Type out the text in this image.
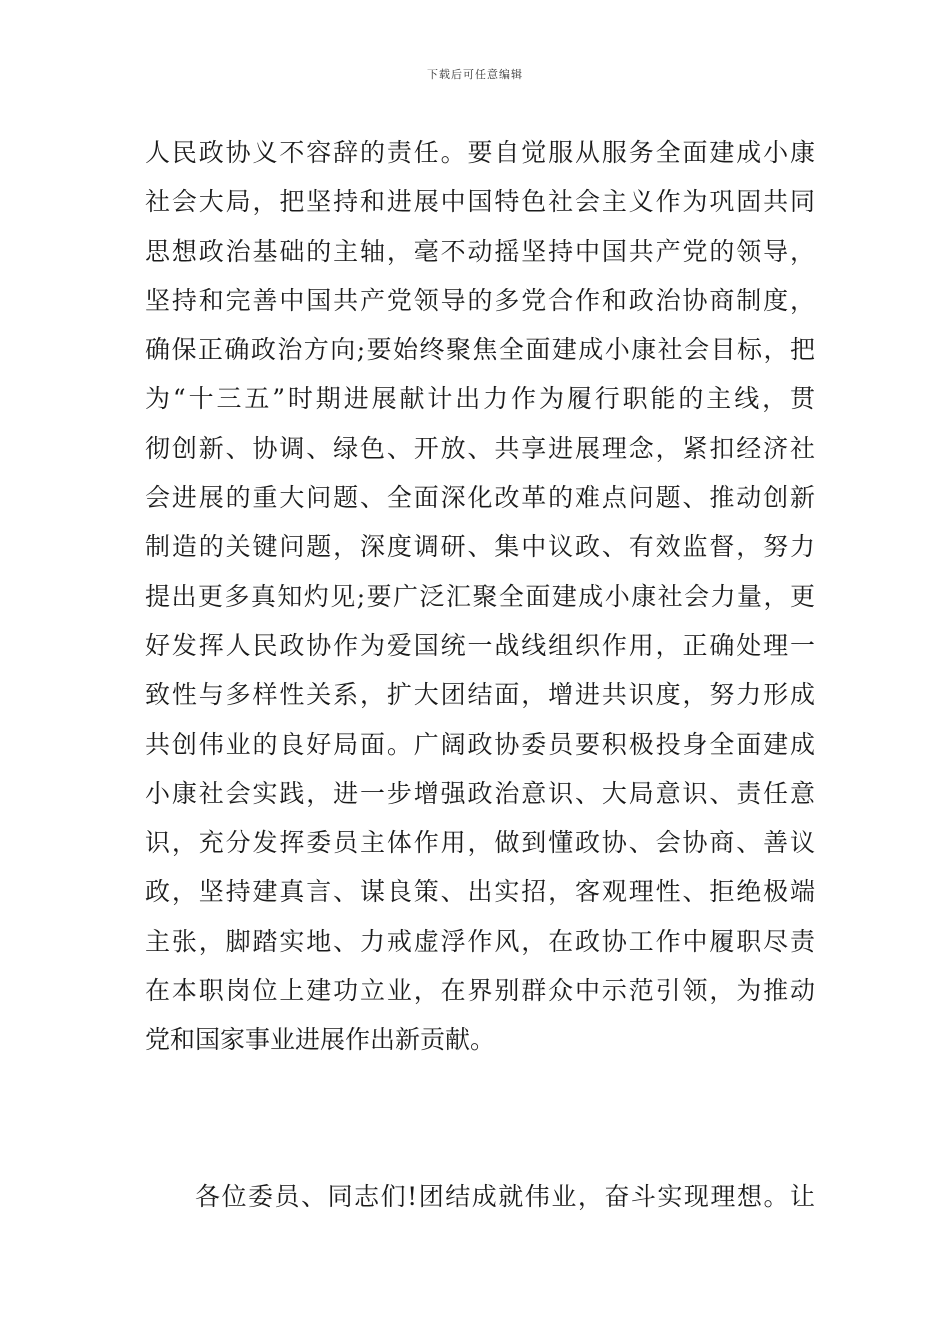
下载后可任意编辑
人民政协义不容辞的责任。要自觉服从服务全面建成小康
社会大局，把坚持和进展中国特色社会主义作为巩固共同
思想政治基础的主轴，毫不动摇坚持中国共产党的领导，
坚持和完善中国共产党领导的多党合作和政治协商制度，
确保正确政治方向;要始终聚焦全面建成小康社会目标，把
为“十三五”时期进展献计出力作为履行职能的主线，贯
彻创新、协调、绿色、开放、共享进展理念，紧扣经济社
会进展的重大问题、全面深化改革的难点问题、推动创新
制造的关键问题，深度调研、集中议政、有效监督，努力
提出更多真知灼见;要广泛汇聚全面建成小康社会力量，更
好发挥人民政协作为爱国统一战线组织作用，正确处理一
致性与多样性关系，扩大团结面，增进共识度，努力形成
共创伟业的良好局面。广阔政协委员要积极投身全面建成
小康社会实践，进一步增强政治意识、大局意识、责任意
识，充分发挥委员主体作用，做到懂政协、会协商、善议
政，坚持建真言、谋良策、出实招，客观理性、拒绝极端
主张，脚踏实地、力戒虚浮作风，在政协工作中履职尽责
在本职岗位上建功立业，在界别群众中示范引领，为推动
党和国家事业进展作出新贡献。
各位委员、同志们!团结成就伟业，奋斗实现理想。让
